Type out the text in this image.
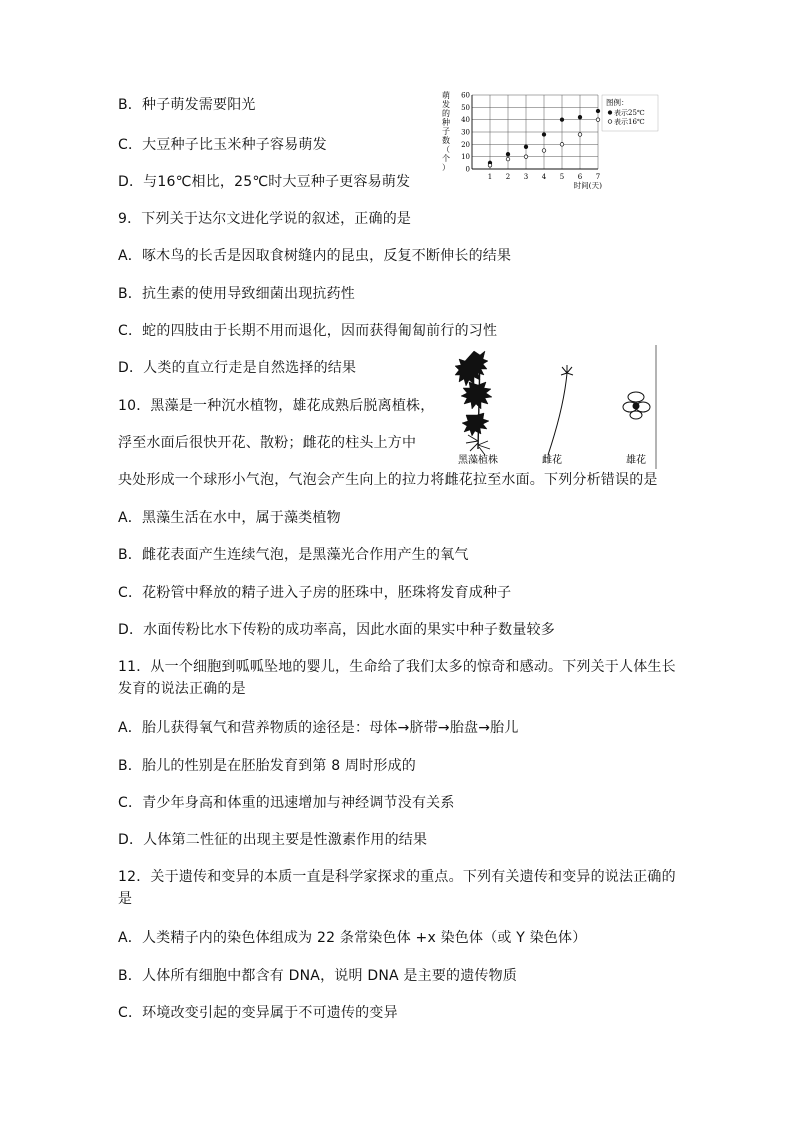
B．种子萌发需要阳光
C．大豆种子比玉米种子容易萌发
D．与16℃相比，25℃时大豆种子更容易萌发
9．下列关于达尔文进化学说的叙述，正确的是
A．啄木鸟的长舌是因取食树缝内的昆虫，反复不断伸长的结果
B．抗生素的使用导致细菌出现抗药性
C．蛇的四肢由于长期不用而退化，因而获得匍匐前行的习性
D．人类的直立行走是自然选择的结果
10．黑藻是一种沉水植物，雄花成熟后脱离植株，
浮至水面后很快开花、散粉；雌花的柱头上方中
央处形成一个球形小气泡，气泡会产生向上的拉力将雌花拉至水面。下列分析错误的是
A．黑藻生活在水中，属于藻类植物
B．雌花表面产生连续气泡，是黑藻光合作用产生的氧气
C．花粉管中释放的精子进入子房的胚珠中，胚珠将发育成种子
D．水面传粉比水下传粉的成功率高，因此水面的果实中种子数量较多
11．从一个细胞到呱呱坠地的婴儿，生命给了我们太多的惊奇和感动。下列关于人体生长发育的说法正确的是
A．胎儿获得氧气和营养物质的途径是：母体→脐带→胎盘→胎儿
B．胎儿的性别是在胚胎发育到第 8 周时形成的
C．青少年身高和体重的迅速增加与神经调节没有关系
D．人体第二性征的出现主要是性激素作用的结果
12．关于遗传和变异的本质一直是科学家探求的重点。下列有关遗传和变异的说法正确的是
A．人类精子内的染色体组成为 22 条常染色体 +x 染色体（或 Y 染色体）
B．人体所有细胞中都含有 DNA，说明 DNA 是主要的遗传物质
C．环境改变引起的变异属于不可遗传的变异
萌
发
的
种
子
数
（
个
） 0
10
20
30
40
50
60
1 2 3 4 5 6 7
时间(天)
图例：
表示25℃
表示16℃
黑藻植株	雌花	雄花
